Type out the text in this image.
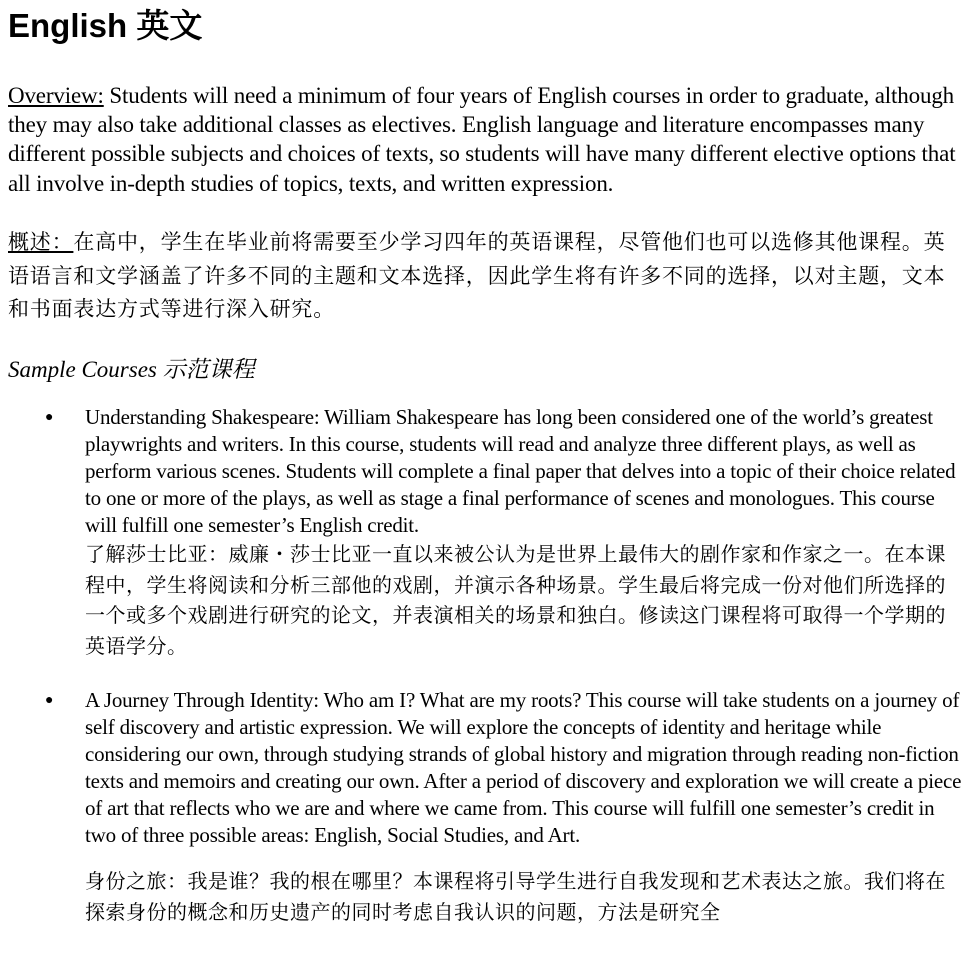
English 英文

Overview: Students will need a minimum of four years of English courses in order to graduate, although they may also take additional classes as electives. English language and literature encompasses many different possible subjects and choices of texts, so students will have many different elective options that all involve in-depth studies of topics, texts, and written expression.

概述：在高中，学生在毕业前将需要至少学习四年的英语课程，尽管他们也可以选修其他课程。英语语言和文学涵盖了许多不同的主题和文本选择，因此学生将有许多不同的选择，以对主题，文本和书面表达方式等进行深入研究。

Sample Courses 示范课程

● Understanding Shakespeare: William Shakespeare has long been considered one of the world’s greatest playwrights and writers. In this course, students will read and analyze three different plays, as well as perform various scenes. Students will complete a final paper that delves into a topic of their choice related to one or more of the plays, as well as stage a final performance of scenes and monologues. This course will fulfill one semester’s English credit.

了解莎士比亚：威廉・莎士比亚一直以来被公认为是世界上最伟大的剧作家和作家之一。在本课程中，学生将阅读和分析三部他的戏剧，并演示各种场景。学生最后将完成一份对他们所选择的一个或多个戏剧进行研究的论文，并表演相关的场景和独白。修读这门课程将可取得一个学期的英语学分。

● A Journey Through Identity: Who am I? What are my roots? This course will take students on a journey of self discovery and artistic expression. We will explore the concepts of identity and heritage while considering our own, through studying strands of global history and migration through reading non-fiction texts and memoirs and creating our own. After a period of discovery and exploration we will create a piece of art that reflects who we are and where we came from. This course will fulfill one semester’s credit in two of three possible areas: English, Social Studies, and Art.

身份之旅：我是谁？我的根在哪里？本课程将引导学生进行自我发现和艺术表达之旅。我们将在探索身份的概念和历史遗产的同时考虑自我认识的问题，方法是研究全
